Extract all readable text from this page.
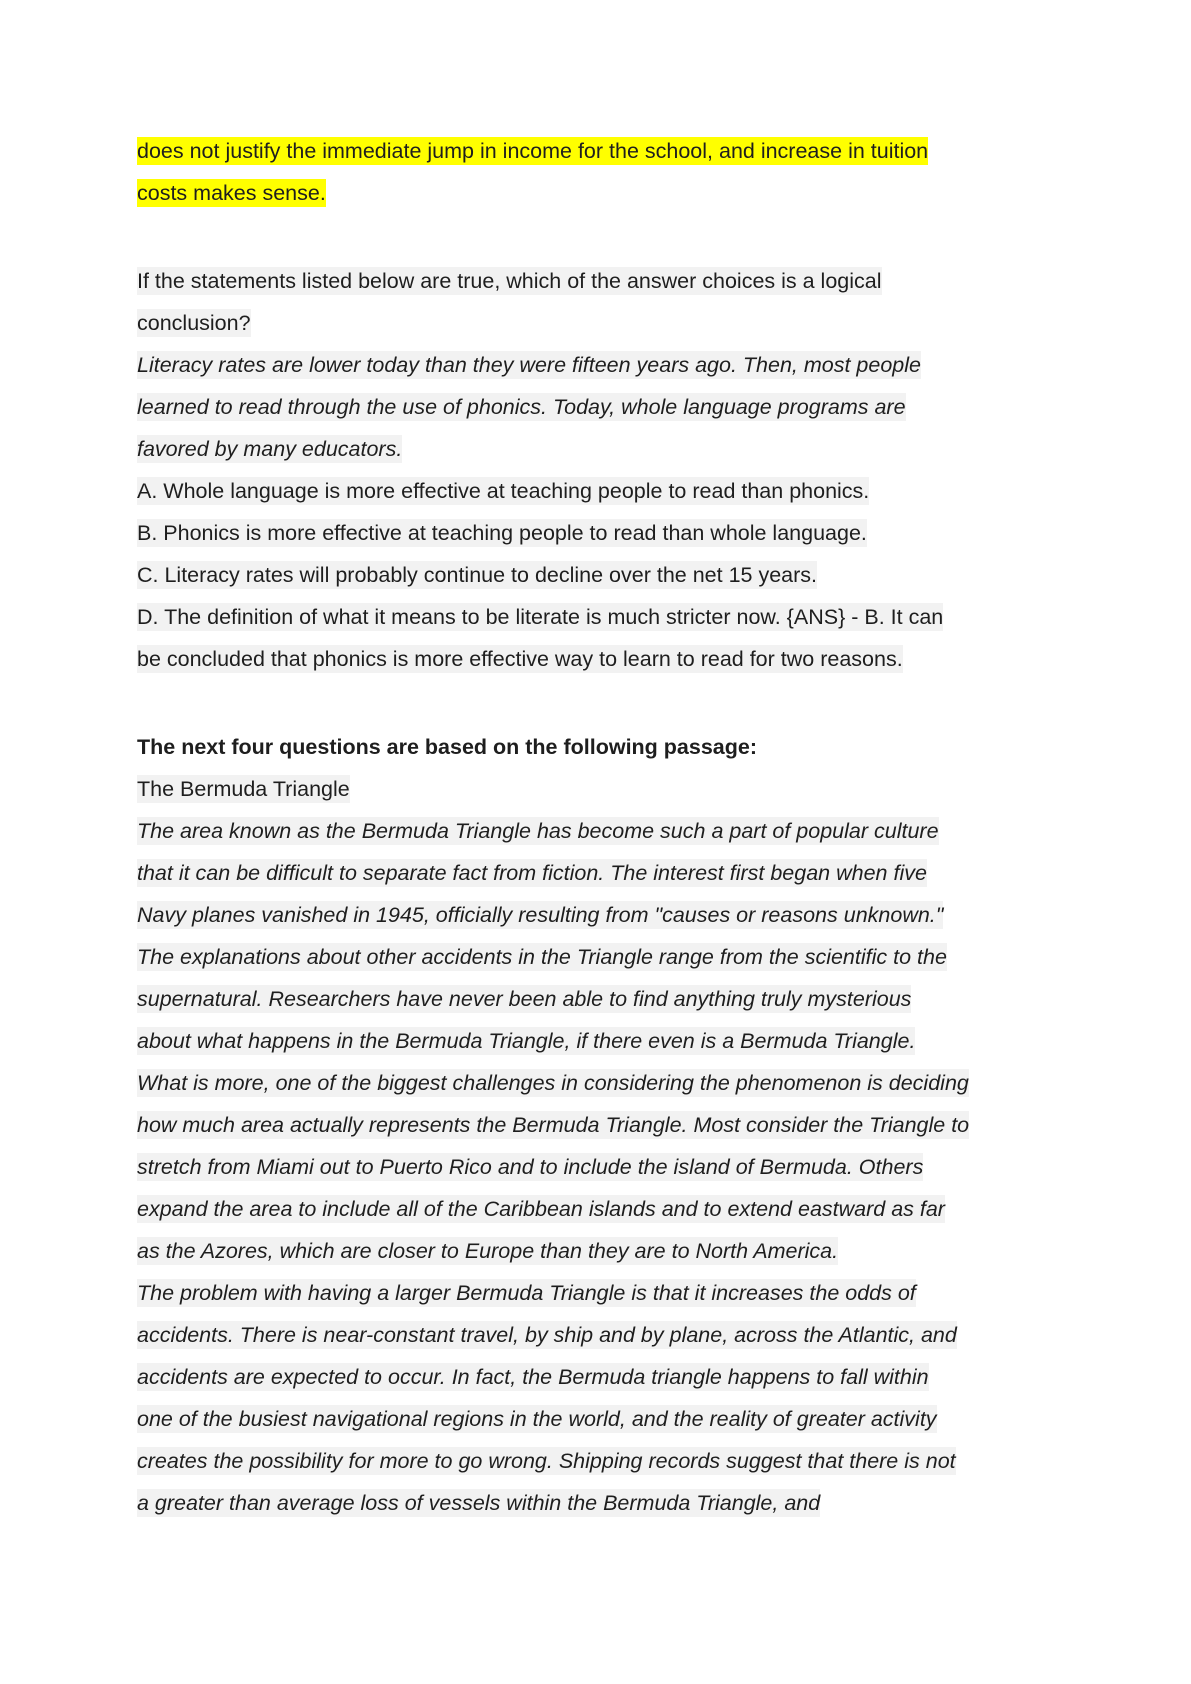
does not justify the immediate jump in income for the school, and increase in tuition costs makes sense.

If the statements listed below are true, which of the answer choices is a logical conclusion?

Literacy rates are lower today than they were fifteen years ago. Then, most people learned to read through the use of phonics. Today, whole language programs are favored by many educators.

A. Whole language is more effective at teaching people to read than phonics.

B. Phonics is more effective at teaching people to read than whole language.

C. Literacy rates will probably continue to decline over the net 15 years.

D. The definition of what it means to be literate is much stricter now. {ANS} - B. It can be concluded that phonics is more effective way to learn to read for two reasons.

The next four questions are based on the following passage:

The Bermuda Triangle

The area known as the Bermuda Triangle has become such a part of popular culture that it can be difficult to separate fact from fiction. The interest first began when five Navy planes vanished in 1945, officially resulting from "causes or reasons unknown." The explanations about other accidents in the Triangle range from the scientific to the supernatural. Researchers have never been able to find anything truly mysterious about what happens in the Bermuda Triangle, if there even is a Bermuda Triangle. What is more, one of the biggest challenges in considering the phenomenon is deciding how much area actually represents the Bermuda Triangle. Most consider the Triangle to stretch from Miami out to Puerto Rico and to include the island of Bermuda. Others expand the area to include all of the Caribbean islands and to extend eastward as far as the Azores, which are closer to Europe than they are to North America.

The problem with having a larger Bermuda Triangle is that it increases the odds of accidents. There is near-constant travel, by ship and by plane, across the Atlantic, and accidents are expected to occur. In fact, the Bermuda triangle happens to fall within one of the busiest navigational regions in the world, and the reality of greater activity creates the possibility for more to go wrong. Shipping records suggest that there is not a greater than average loss of vessels within the Bermuda Triangle, and
